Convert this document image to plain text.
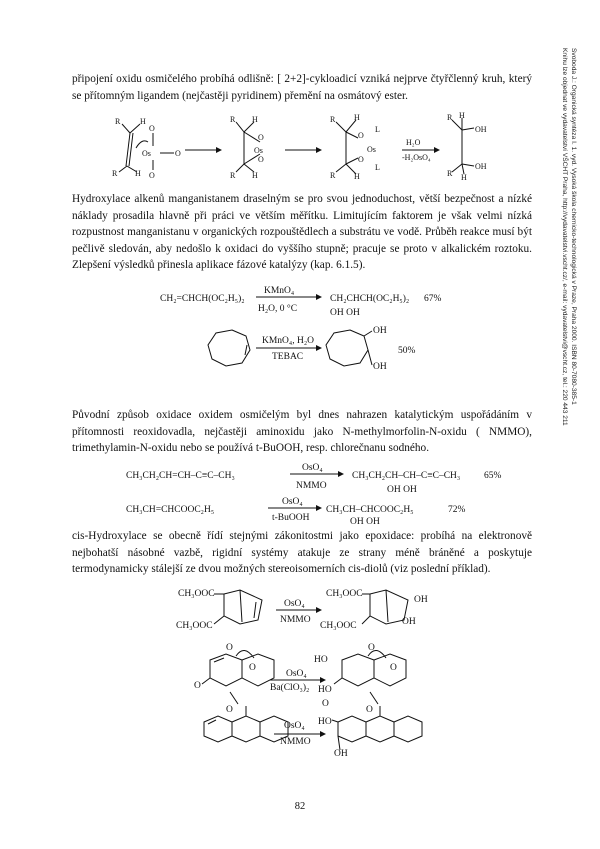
připojení oxidu osmičelého probíhá odlišně: [ 2+2]-cykloadicí vzniká nejprve čtyřčlenný kruh, který se přítomným ligandem (nejčastěji pyridinem) přemění na osmátový ester.

Hydroxylace alkenů manganistanem draselným se pro svou jednoduchost, větší bezpečnost a nízké náklady prosadila hlavně při práci ve větším měřítku. Limitujícím faktorem je však velmi nízká rozpustnost manganistanu v organických rozpouštědlech a substrátu ve vodě. Průběh reakce musí být pečlivě sledován, aby nedošlo k oxidaci do vyššího stupně; pracuje se proto v alkalickém roztoku. Zlepšení výsledků přinesla aplikace fázové katalýzy (kap. 6.1.5).

Původní způsob oxidace oxidem osmičelým byl dnes nahrazen katalytickým uspořádáním v přítomnosti reoxidovadla, nejčastěji aminoxidu jako N-methylmorfolin-N-oxidu ( NMMO), trimethylamin-N-oxidu nebo se používá t-BuOOH, resp. chlorečnanu sodného.

cis-Hydroxylace se obecně řídí stejnými zákonitostmi jako epoxidace: probíhá na elektronově nejbohatší násobné vazbě, rigidní systémy atakuje ze strany méně bráněné a poskytuje termodynamicky stálejší ze dvou možných stereoisomerních cis-diolů (viz poslední příklad).

R H
R H
O
Os
O
O
R H
R H
O
Os
O
R H
R H
O
Os
O
L
L
R H
R H
OH
OH
H₂O
-H₂OsO₄
CH₂=CHCH(OC₂H₅)₂
KMnO₄
H₂O, 0 °C
CH₂CHCH(OC₂H₅)₂
OH OH
67%
KMnO₄, H₂O
TEBAC
OH
OH
50%
CH₃CH₂CH=CH–C≡C–CH₃
OsO₄
NMMO
CH₃CH₂CH–CH–C≡C–CH₃
OH OH
65%
CH₃CH=CHCOOC₂H₅
OsO₄
t-BuOOH
CH₃CH–CHCOOC₂H₅
OH OH
72%
CH₃OOC
CH₃OOC
OsO₄
NMMO
CH₃OOC
CH₃OOC
OH
OH
O
O
O
O
OsO₄
Ba(ClO₃)₂
O
O
HO
HO
O
O
OsO₄
NMMO
HO
OH
82
Svoboda J.: Organická syntéza I. 1. vyd. Vysoká škola chemicko-technologická v Praze, Praha 2000. ISBN 80-7080-385-1
Knihu lze objednat ve vydavatelství VŠCHT Praha, http://vydavatelstvi.vscht.cz/, e-mail: vydavatelstvi@vscht.cz, tel.: 220 443 211
